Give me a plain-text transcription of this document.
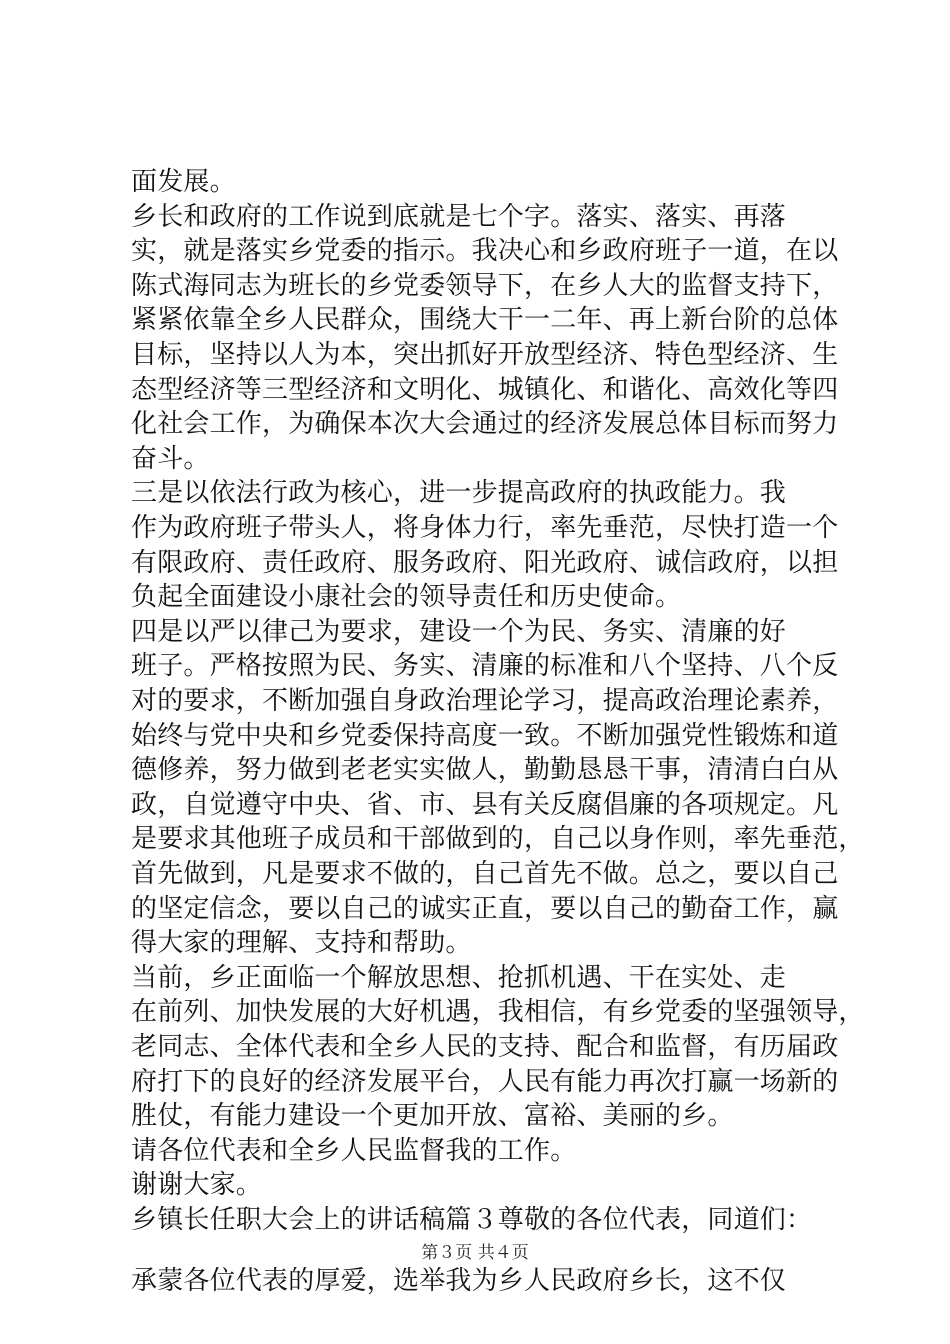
面发展。
乡长和政府的工作说到底就是七个字。落实、落实、再落
实，就是落实乡党委的指示。我决心和乡政府班子一道，在以
陈式海同志为班长的乡党委领导下，在乡人大的监督支持下，
紧紧依靠全乡人民群众，围绕大干一二年、再上新台阶的总体
目标，坚持以人为本，突出抓好开放型经济、特色型经济、生
态型经济等三型经济和文明化、城镇化、和谐化、高效化等四
化社会工作，为确保本次大会通过的经济发展总体目标而努力
奋斗。
三是以依法行政为核心，进一步提高政府的执政能力。我
作为政府班子带头人，将身体力行，率先垂范，尽快打造一个
有限政府、责任政府、服务政府、阳光政府、诚信政府，以担
负起全面建设小康社会的领导责任和历史使命。
四是以严以律己为要求，建设一个为民、务实、清廉的好
班子。严格按照为民、务实、清廉的标准和八个坚持、八个反
对的要求，不断加强自身政治理论学习，提高政治理论素养，
始终与党中央和乡党委保持高度一致。不断加强党性锻炼和道
德修养，努力做到老老实实做人，勤勤恳恳干事，清清白白从
政，自觉遵守中央、省、市、县有关反腐倡廉的各项规定。凡
是要求其他班子成员和干部做到的，自己以身作则，率先垂范，
首先做到，凡是要求不做的，自己首先不做。总之，要以自己
的坚定信念，要以自己的诚实正直，要以自己的勤奋工作，赢
得大家的理解、支持和帮助。
当前，乡正面临一个解放思想、抢抓机遇、干在实处、走
在前列、加快发展的大好机遇，我相信，有乡党委的坚强领导，
老同志、全体代表和全乡人民的支持、配合和监督，有历届政
府打下的良好的经济发展平台，人民有能力再次打赢一场新的
胜仗，有能力建设一个更加开放、富裕、美丽的乡。
请各位代表和全乡人民监督我的工作。
谢谢大家。
乡镇长任职大会上的讲话稿篇３尊敬的各位代表，同道们：
承蒙各位代表的厚爱，选举我为乡人民政府乡长，这不仅
第３页 共４页
